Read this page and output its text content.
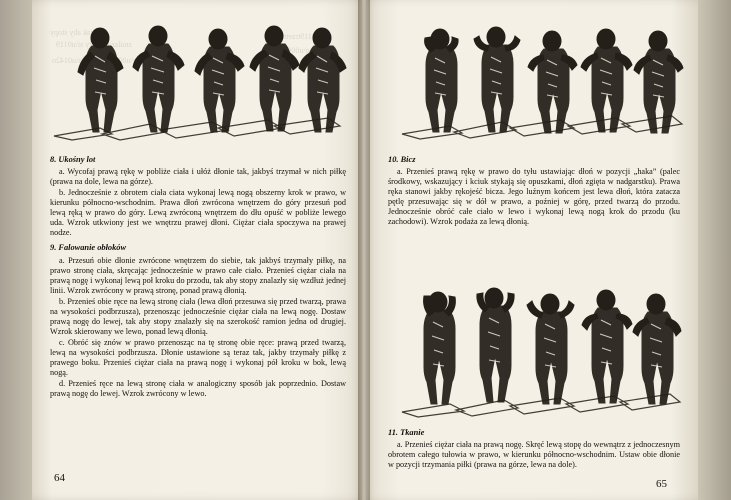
tak aby stopy
znalaz\u0142y si\u0119
wn\u0119trzem
do g\u00f3ry
cia\u0142o
8. Ukośny lot

a. Wycofaj prawą rękę w pobliże ciała i ułóż dłonie tak, jakbyś trzymał w nich piłkę (prawa na dole, lewa na górze).

b. Jednocześnie z obrotem ciała ciata wykonaj lewą nogą obszerny krok w prawo, w kierunku północno-wschodnim. Prawa dłoń zwrócona wnętrzem do góry przesuń pod lewą ręką w prawo do góry. Lewą zwróconą wnętrzem do dłu opuść w pobliże lewego uda. Wzrok utkwiony jest we wnętrzu prawej dłoni. Ciężar ciała spoczywa na prawej nodze.

9. Falowanie obłoków

a. Przesuń obie dłonie zwrócone wnętrzem do siebie, tak jakbyś trzymały piłkę, na prawo stronę ciała, skręcając jednocześnie w prawo całe ciało. Przenieś ciężar ciała na prawą nogę i wykonaj lewą poł kroku do przodu, tak aby stopy znalazły się wzdłuż jednej linii. Wzrok zwrócony w prawą stronę, ponad prawą dłonią.

b. Przenieś obie ręce na lewą stronę ciała (lewa dłoń przesuwa się przed twarzą, prawa na wysokości podbrzusza), przenosząc jednocześnie ciężar ciała na lewą nogę. Dostaw prawą nogę do lewej, tak aby stopy znalazły się na szerokość ramion jedna od drugiej. Wzrok skierowany we lewo, ponad lewą dłonią.

c. Obróć się znów w prawo przenosząc na tę stronę obie ręce: prawą przed twarzą, lewą na wysokości podbrzusza. Dłonie ustawione są teraz tak, jakby trzymały piłkę z prawego boku. Przenieś ciężar ciała na prawą nogę i wykonaj pół kroku w bok, lewą nogą.

d. Przenieś ręce na lewą stronę ciała w analogiczny sposób jak poprzednio. Dostaw prawą nogę do lewej. Wzrok zwrócony w lewo.

64
10. Bicz

a. Przenieś prawą rękę w prawo do tyłu ustawiając dłoń w pozycji „haka” (palec środkowy, wskazujący i kciuk stykają się opuszkami, dłoń zgięta w nadgarstku). Prawa ręka stanowi jakby rękojeść bicza. Jego luźnym końcem jest lewa dłoń, która zatacza pętlę przesuwając się w dół w prawo, a poźniej w górę, przed twarzą do przodu. Jednocześnie obróć całe ciało w lewo i wykonaj lewą nogą krok do przodu (ku zachodowi). Wzrok podaża za lewą dłonią.

11. Tkanie

a. Przenieś ciężar ciała na prawą nogę. Skręć lewą stopę do wewnątrz z jednoczesnym obrotem całego tułowia w prawo, w kierunku północno-wschodnim. Ustaw obie dłonie w pozycji trzymania piłki (prawa na górze, lewa na dole).

65
